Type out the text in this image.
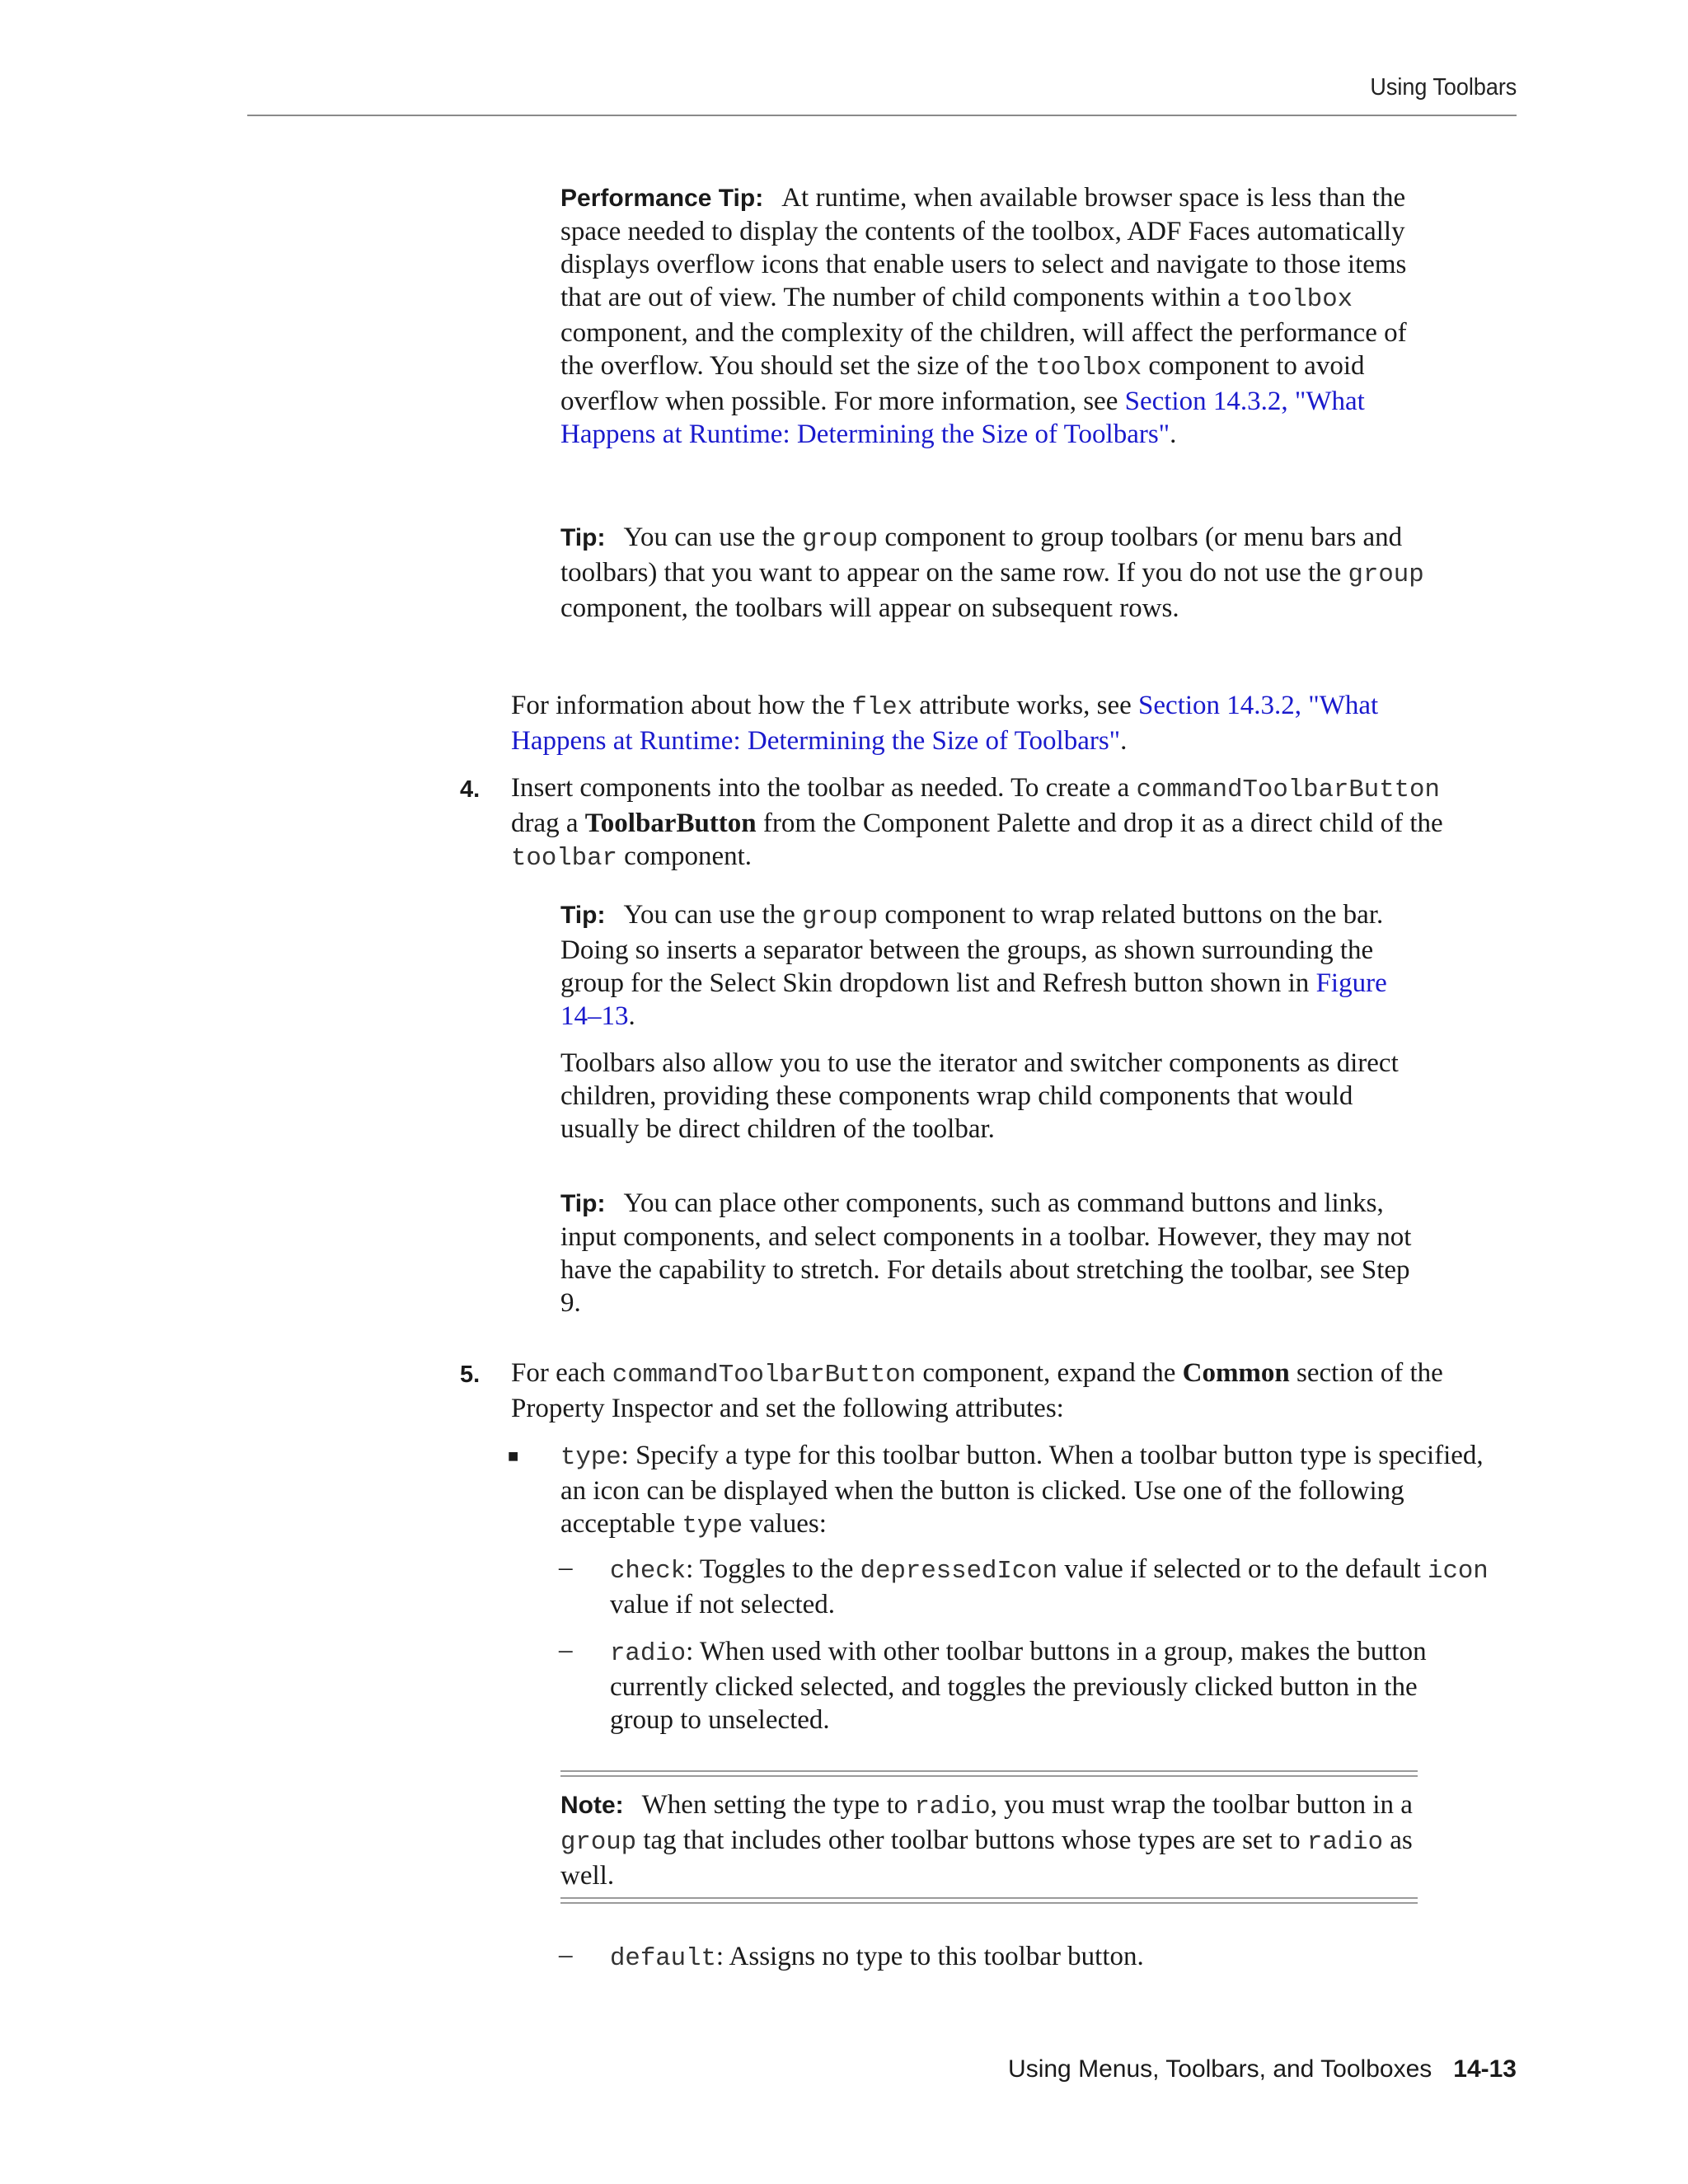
Using Toolbars
Performance Tip: At runtime, when available browser space is less than the space needed to display the contents of the toolbox, ADF Faces automatically displays overflow icons that enable users to select and navigate to those items that are out of view. The number of child components within a toolbox component, and the complexity of the children, will affect the performance of the overflow. You should set the size of the toolbox component to avoid overflow when possible. For more information, see Section 14.3.2, "What Happens at Runtime: Determining the Size of Toolbars".
Tip: You can use the group component to group toolbars (or menu bars and toolbars) that you want to appear on the same row. If you do not use the group component, the toolbars will appear on subsequent rows.
For information about how the flex attribute works, see Section 14.3.2, "What Happens at Runtime: Determining the Size of Toolbars".
4. Insert components into the toolbar as needed. To create a commandToolbarButton drag a ToolbarButton from the Component Palette and drop it as a direct child of the toolbar component.
Tip: You can use the group component to wrap related buttons on the bar. Doing so inserts a separator between the groups, as shown surrounding the group for the Select Skin dropdown list and Refresh button shown in Figure 14–13.
Toolbars also allow you to use the iterator and switcher components as direct children, providing these components wrap child components that would usually be direct children of the toolbar.
Tip: You can place other components, such as command buttons and links, input components, and select components in a toolbar. However, they may not have the capability to stretch. For details about stretching the toolbar, see Step 9.
5. For each commandToolbarButton component, expand the Common section of the Property Inspector and set the following attributes:
■ type: Specify a type for this toolbar button. When a toolbar button type is specified, an icon can be displayed when the button is clicked. Use one of the following acceptable type values:
– check: Toggles to the depressedIcon value if selected or to the default icon value if not selected.
– radio: When used with other toolbar buttons in a group, makes the button currently clicked selected, and toggles the previously clicked button in the group to unselected.
Note: When setting the type to radio, you must wrap the toolbar button in a group tag that includes other toolbar buttons whose types are set to radio as well.
– default: Assigns no type to this toolbar button.
Using Menus, Toolbars, and Toolboxes 14-13
